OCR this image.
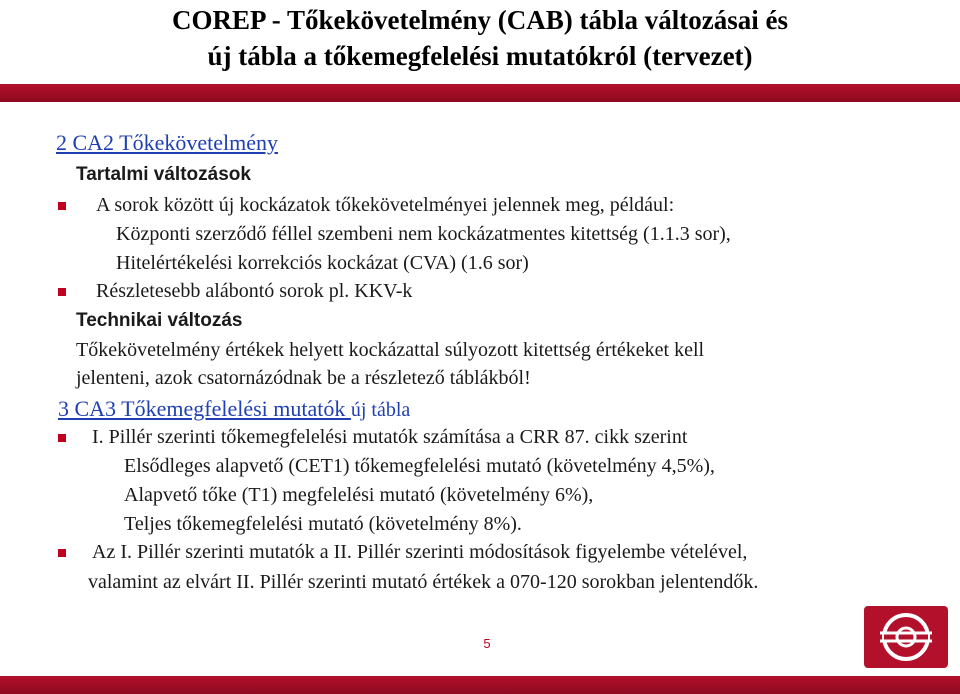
COREP - Tőkekövetelmény (CAB) tábla változásai és
új tábla a tőkemegfelelési mutatókról (tervezet)
2 CA2 Tőkekövetelmény
Tartalmi változások
A sorok között új kockázatok tőkekövetelményei jelennek meg, például:
Központi szerződő féllel szembeni nem kockázatmentes kitettség (1.1.3 sor),
Hitelértékelési korrekciós kockázat (CVA) (1.6 sor)
Részletesebb alábontó sorok pl. KKV-k
Technikai változás
Tőkekövetelmény értékek helyett kockázattal súlyozott kitettség értékeket kell
jelenteni, azok csatornázódnak be a részletező táblákból!
3 CA3 Tőkemegfelelési mutatók új tábla
I. Pillér szerinti tőkemegfelelési mutatók számítása a CRR 87. cikk szerint
Elsődleges alapvető (CET1) tőkemegfelelési mutató (követelmény 4,5%),
Alapvető tőke (T1) megfelelési mutató (követelmény 6%),
Teljes tőkemegfelelési mutató (követelmény 8%).
Az I. Pillér szerinti mutatók a II. Pillér szerinti módosítások figyelembe vételével,
valamint az elvárt II. Pillér szerinti mutató értékek a 070-120 sorokban jelentendők.
5
